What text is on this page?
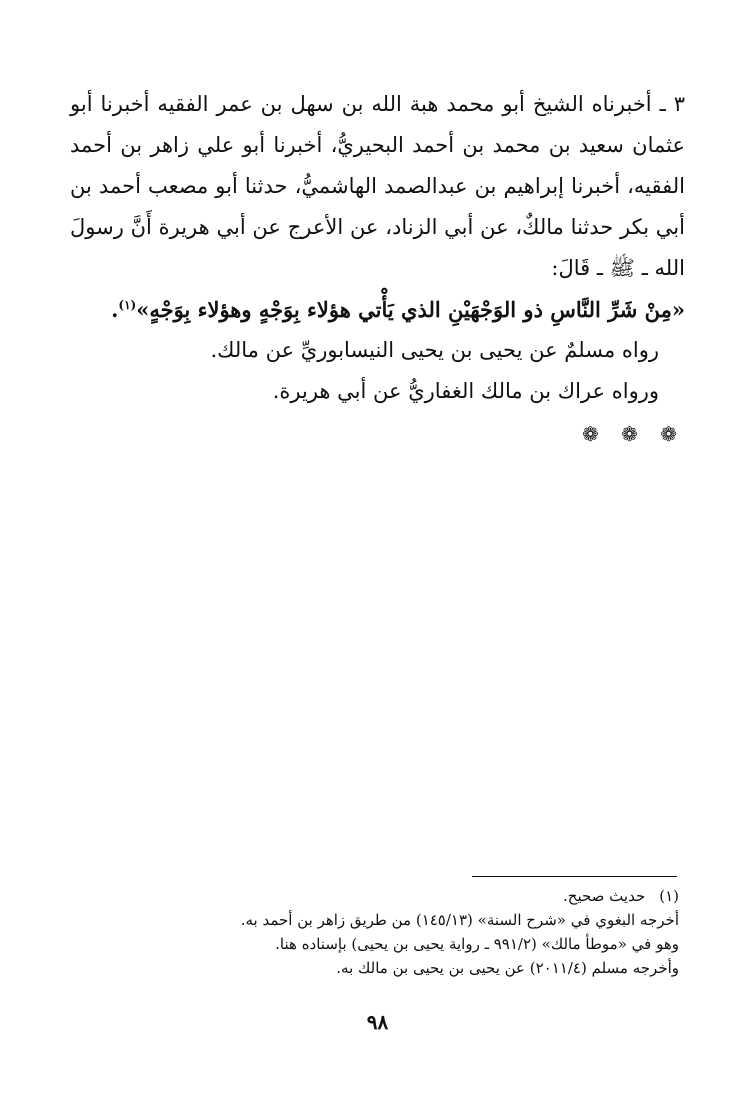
٣ ـ أخبرناه الشيخ أبو محمد هبة الله بن سهل بن عمر الفقيه أخبرنا أبو عثمان سعيد بن محمد بن أحمد البحيريُّ، أخبرنا أبو علي زاهر بن أحمد الفقيه، أخبرنا إبراهيم بن عبدالصمد الهاشميُّ، حدثنا أبو مصعب أحمد بن أبي بكر حدثنا مالكٌ، عن أبي الزناد، عن الأعرج عن أبي هريرة أَنَّ رسولَ الله ـ ﷺ ـ قَالَ:

«مِنْ شَرِّ النَّاسِ ذو الوَجْهَيْنِ الذي يَأْتي هؤلاء بِوَجْهٍ وهؤلاء بِوَجْهٍ»$^{(١)}$.

رواه مسلمٌ عن يحيى بن يحيى النيسابوريِّ عن مالك.

ورواه عراك بن مالك الغفاريُّ عن أبي هريرة.

❁ ❁ ❁

(١)حديث صحيح.

أخرجه البغوي في «شرح السنة» (١٤٥/١٣) من طريق زاهر بن أحمد به.

وهو في «موطأ مالك» (٩٩١/٢ ـ رواية يحيى بن يحيى) بإسناده هنا.

وأخرجه مسلم (٢٠١١/٤) عن يحيى بن يحيى بن مالك به.

٩٨
